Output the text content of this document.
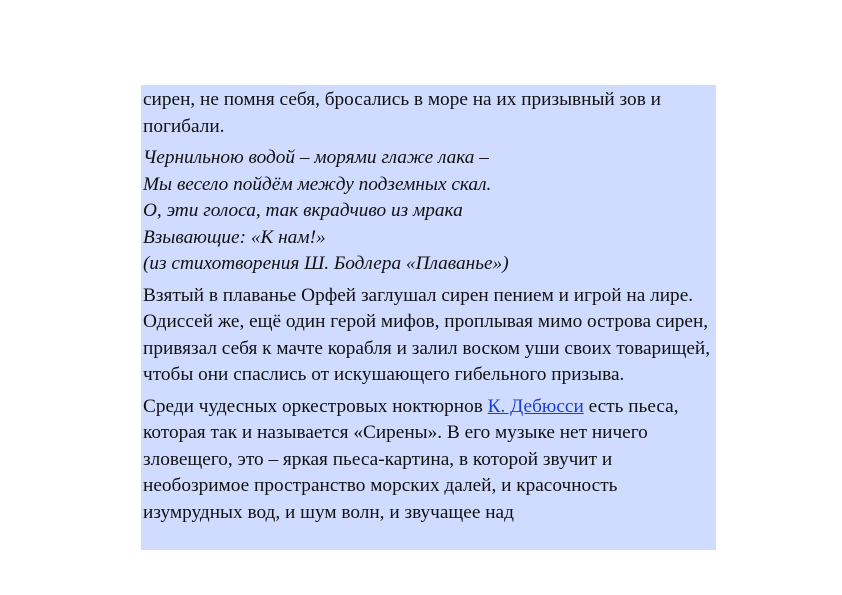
сирен, не помня себя, бросались в море на их призывный зов и погибали.

Чернильною водой – морями глаже лака –
Мы весело пойдём между подземных скал.
О, эти голоса, так вкрадчиво из мрака
Взывающие: «К нам!»
(из стихотворения Ш. Бодлера «Плаванье»)

Взятый в плаванье Орфей заглушал сирен пением и игрой на лире. Одиссей же, ещё один герой мифов, проплывая мимо острова сирен, привязал себя к мачте корабля и залил воском уши своих товарищей, чтобы они спаслись от искушающего гибельного призыва.

Среди чудесных оркестровых ноктюрнов К. Дебюсси есть пьеса, которая так и называется «Сирены». В его музыке нет ничего зловещего, это – яркая пьеса-картина, в которой звучит и необозримое пространство морских далей, и красочность изумрудных вод, и шум волн, и звучащее над
